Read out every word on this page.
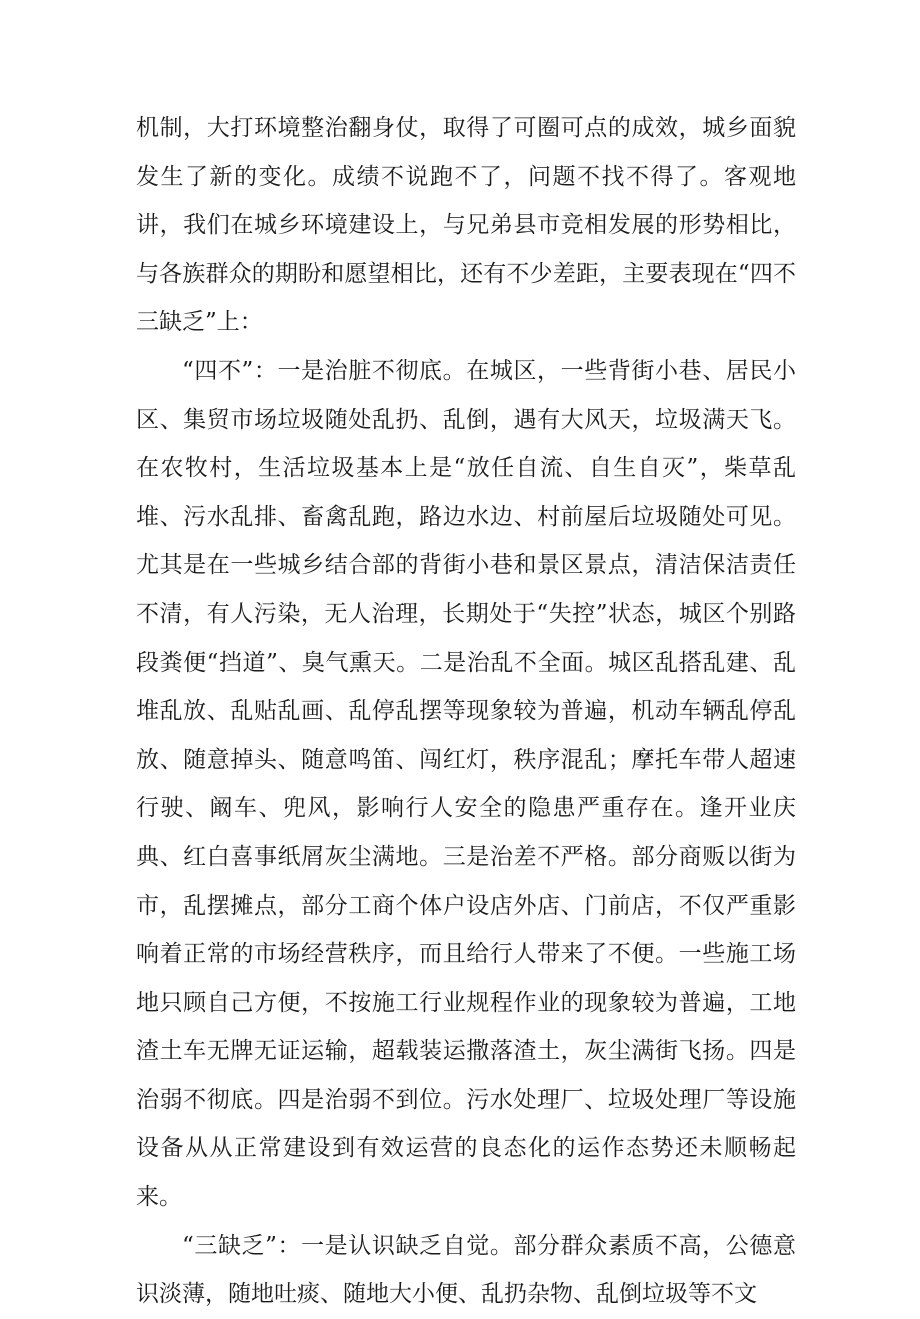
机制，大打环境整治翻身仗，取得了可圈可点的成效，城乡面貌发生了新的变化。成绩不说跑不了，问题不找不得了。客观地讲，我们在城乡环境建设上，与兄弟县市竞相发展的形势相比，与各族群众的期盼和愿望相比，还有不少差距，主要表现在“四不三缺乏”上：

“四不”：一是治脏不彻底。在城区，一些背街小巷、居民小区、集贸市场垃圾随处乱扔、乱倒，遇有大风天，垃圾满天飞。在农牧村，生活垃圾基本上是“放任自流、自生自灭”，柴草乱堆、污水乱排、畜禽乱跑，路边水边、村前屋后垃圾随处可见。尤其是在一些城乡结合部的背街小巷和景区景点，清洁保洁责任不清，有人污染，无人治理，长期处于“失控”状态，城区个别路段粪便“挡道”、臭气熏天。二是治乱不全面。城区乱搭乱建、乱堆乱放、乱贴乱画、乱停乱摆等现象较为普遍，机动车辆乱停乱放、随意掉头、随意鸣笛、闯红灯，秩序混乱；摩托车带人超速行驶、阚车、兜风，影响行人安全的隐患严重存在。逢开业庆典、红白喜事纸屑灰尘满地。三是治差不严格。部分商贩以街为市，乱摆摊点，部分工商个体户设店外店、门前店，不仅严重影响着正常的市场经营秩序，而且给行人带来了不便。一些施工场地只顾自己方便，不按施工行业规程作业的现象较为普遍，工地渣土车无牌无证运输，超载装运撒落渣土，灰尘满街飞扬。四是治弱不彻底。四是治弱不到位。污水处理厂、垃圾处理厂等设施设备从从正常建设到有效运营的良态化的运作态势还未顺畅起来。

“三缺乏”：一是认识缺乏自觉。部分群众素质不高，公德意识淡薄，随地吐痰、随地大小便、乱扔杂物、乱倒垃圾等不文
